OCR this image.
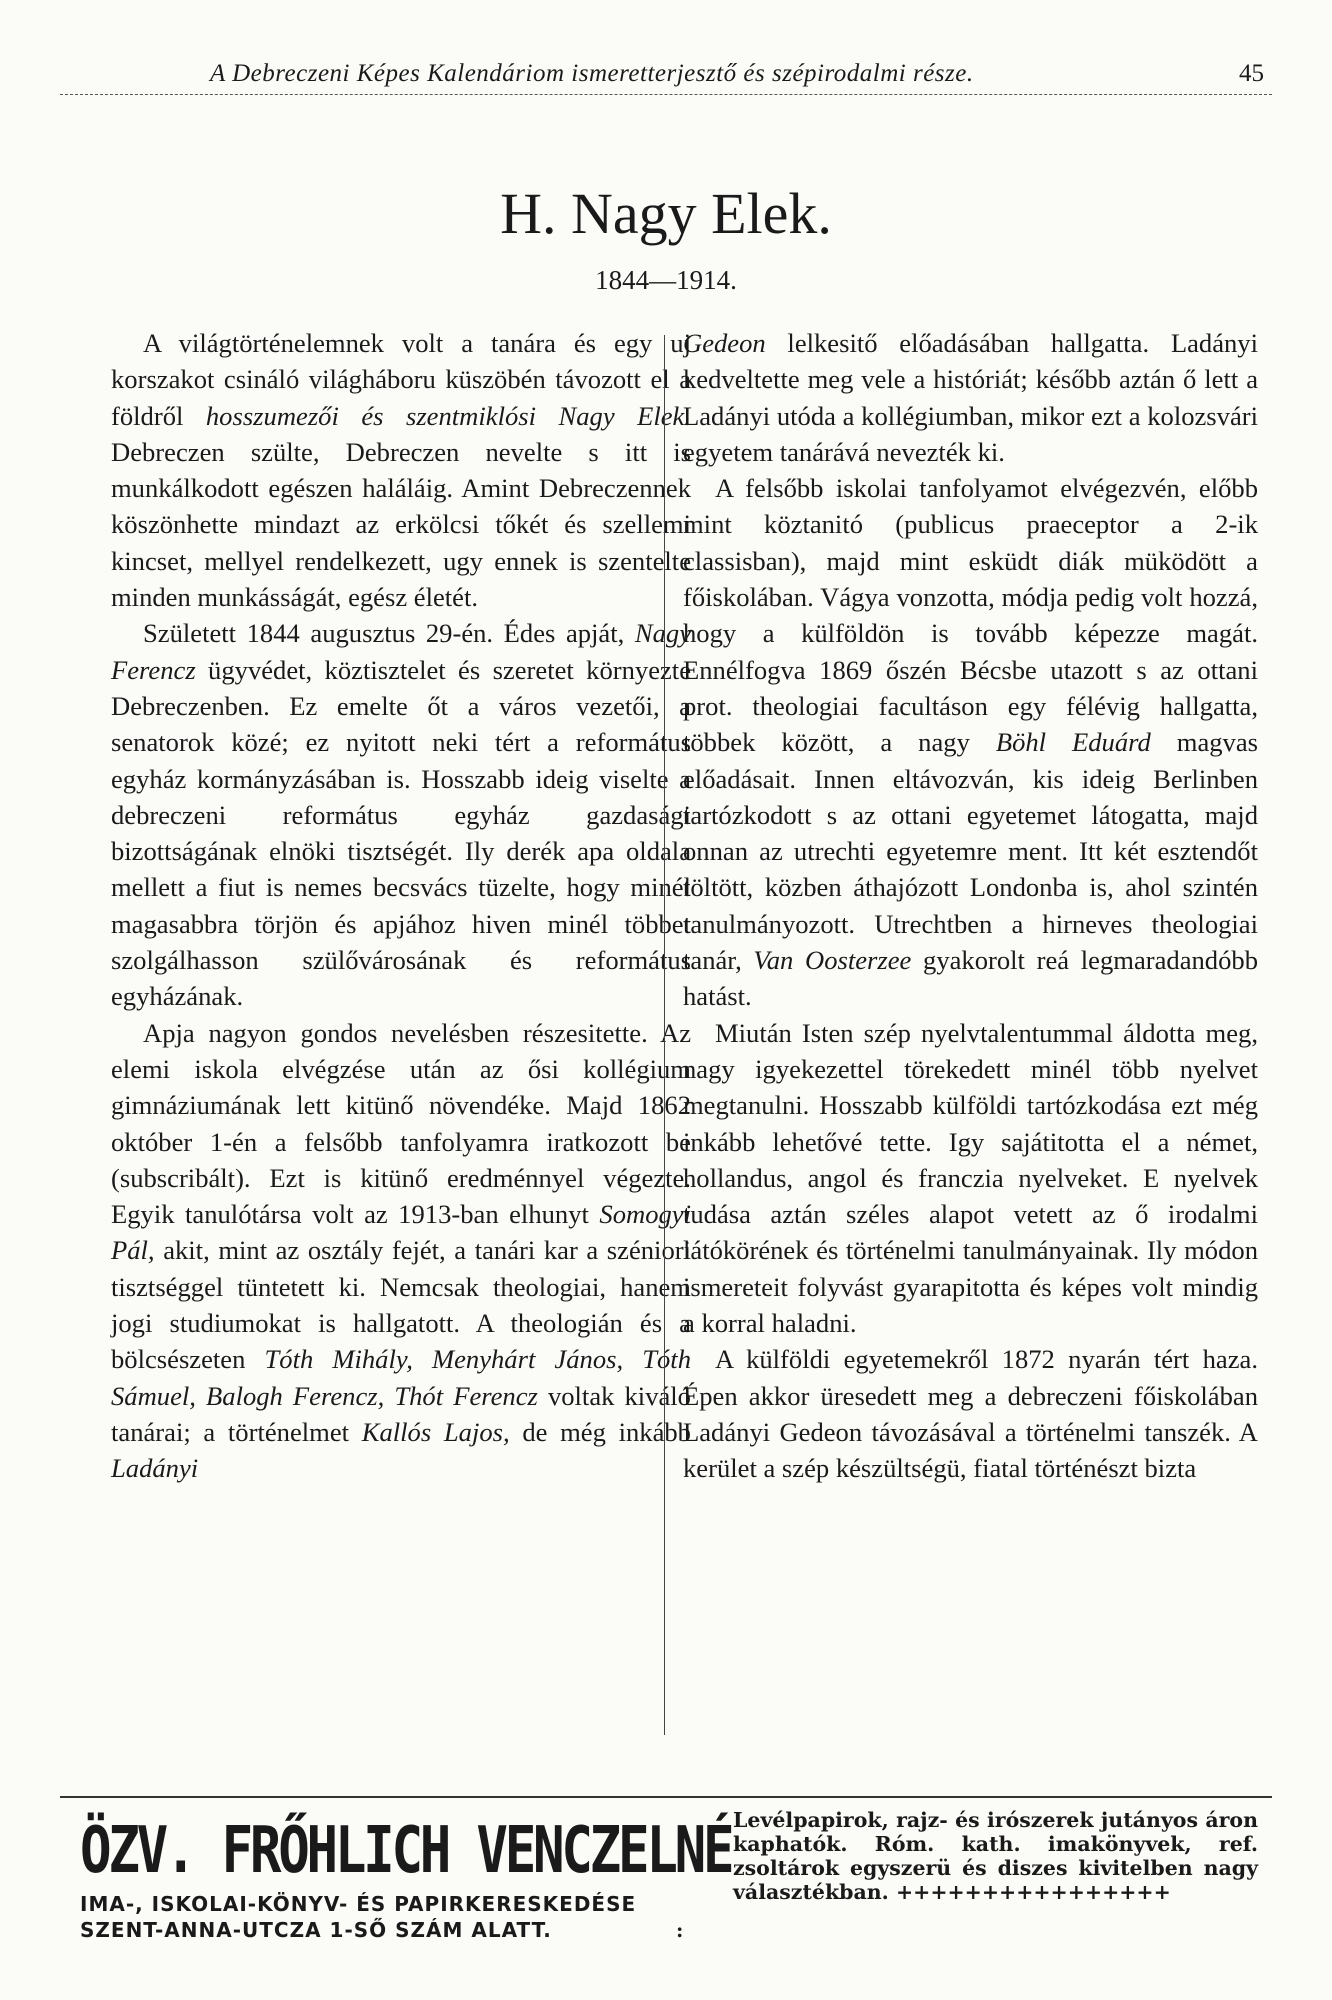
A Debreczeni Képes Kalendáriom ismeretterjesztő és szépirodalmi része.	45
H. Nagy Elek.
1844—1914.

A világtörténelemnek volt a tanára és egy uj korszakot csináló világháboru küszöbén távozott el a földről hosszumezői és szentmiklósi Nagy Elek. Debreczen szülte, Debreczen nevelte s itt is munkálkodott egészen haláláig. Amint Debreczennek köszönhette mindazt az erkölcsi tőkét és szellemi kincset, mellyel rendelkezett, ugy ennek is szentelte minden munkásságát, egész életét.

Született 1844 augusztus 29-én. Édes apját, Nagy Ferencz ügyvédet, köztisztelet és szeretet környezte Debreczenben. Ez emelte őt a város vezetői, a senatorok közé; ez nyitott neki tért a református egyház kormányzásában is. Hosszabb ideig viselte a debreczeni református egyház gazdasági bizottságának elnöki tisztségét. Ily derék apa oldala mellett a fiut is nemes becsvács tüzelte, hogy minél magasabbra törjön és apjához hiven minél többet szolgálhasson szülővárosának és református egyházának.

Apja nagyon gondos nevelésben részesitette. Az elemi iskola elvégzése után az ősi kollégium gimnáziumának lett kitünő növendéke. Majd 1862 október 1-én a felsőbb tanfolyamra iratkozott be (subscribált). Ezt is kitünő eredménnyel végezte. Egyik tanulótársa volt az 1913-ban elhunyt Somogyi Pál, akit, mint az osztály fejét, a tanári kar a széniori tisztséggel tüntetett ki. Nemcsak theologiai, hanem jogi studiumokat is hallgatott. A theologián és a bölcsészeten Tóth Mihály, Menyhárt János, Tóth Sámuel, Balogh Ferencz, Thót Ferencz voltak kiváló tanárai; a történelmet Kallós Lajos, de még inkább Ladányi

Gedeon lelkesitő előadásában hallgatta. Ladányi kedveltette meg vele a históriát; később aztán ő lett a Ladányi utóda a kollégiumban, mikor ezt a kolozsvári egyetem tanárává nevezték ki.

A felsőbb iskolai tanfolyamot elvégezvén, előbb mint köztanitó (publicus praeceptor a 2-ik classisban), majd mint esküdt diák müködött a főiskolában. Vágya vonzotta, módja pedig volt hozzá, hogy a külföldön is tovább képezze magát. Ennélfogva 1869 őszén Bécsbe utazott s az ottani prot. theologiai facultáson egy félévig hallgatta, többek között, a nagy Böhl Eduárd magvas előadásait. Innen eltávozván, kis ideig Berlinben tartózkodott s az ottani egyetemet látogatta, majd onnan az utrechti egyetemre ment. Itt két esztendőt töltött, közben áthajózott Londonba is, ahol szintén tanulmányozott. Utrechtben a hirneves theologiai tanár, Van Oosterzee gyakorolt reá legmaradandóbb hatást.

Miután Isten szép nyelvtalentummal áldotta meg, nagy igyekezettel törekedett minél több nyelvet megtanulni. Hosszabb külföldi tartózkodása ezt még inkább lehetővé tette. Igy sajátitotta el a német, hollandus, angol és franczia nyelveket. E nyelvek tudása aztán széles alapot vetett az ő irodalmi látókörének és történelmi tanulmányainak. Ily módon ismereteit folyvást gyarapitotta és képes volt mindig a korral haladni.

A külföldi egyetemekről 1872 nyarán tért haza. Épen akkor üresedett meg a debreczeni főiskolában Ladányi Gedeon távozásával a történelmi tanszék. A kerület a szép készültségü, fiatal történészt bizta

ÖZV. FRŐHLICH VENCZELNÉ
IMA-, ISKOLAI-KÖNYV- ÉS PAPIRKERESKEDÉSE
SZENT-ANNA-UTCZA 1-SŐ SZÁM ALATT.	:
Levélpapirok, rajz- és irószerek jutányos áron kaphatók. Róm. kath. imakönyvek, ref. zsoltárok egyszerü és diszes kivitelben nagy választékban. ++++++++++++++++
